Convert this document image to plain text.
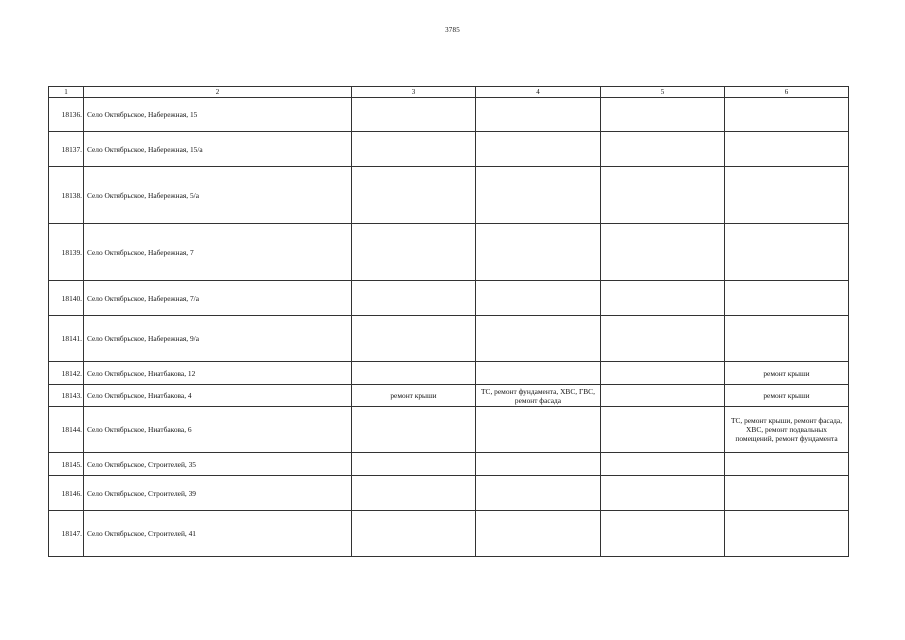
3785
1	2	3	4	5	6
18136.	Село Октябрьское, Набережная, 15				
18137.	Село Октябрьское, Набережная, 15/а				
18138.	Село Октябрьское, Набережная, 5/а				
18139.	Село Октябрьское, Набережная, 7				
18140.	Село Октябрьское, Набережная, 7/а				
18141.	Село Октябрьское, Набережная, 9/а				
18142.	Село Октябрьское, Ниатбакова, 12				ремонт крыши
18143.	Село Октябрьское, Ниатбакова, 4	ремонт крыши	ТС, ремонт фундамента, ХВС, ГВС, ремонт фасада		ремонт крыши
18144.	Село Октябрьское, Ниатбакова, 6				ТС, ремонт крыши, ремонт фасада, ХВС, ремонт подвальных помещений, ремонт фундамента
18145.	Село Октябрьское, Строителей, 35				
18146.	Село Октябрьское, Строителей, 39				
18147.	Село Октябрьское, Строителей, 41				
